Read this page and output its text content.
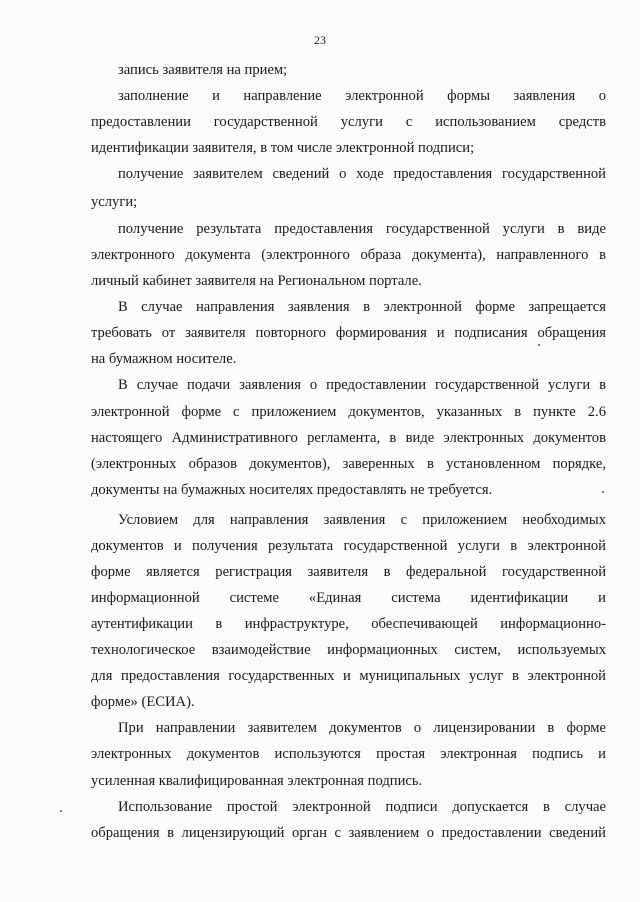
23
запись заявителя на прием;
заполнение и направление электронной формы заявления о
предоставлении государственной услуги с использованием средств
идентификации заявителя, в том числе электронной подписи;
получение заявителем сведений о ходе предоставления государственной
услуги;
получение результата предоставления государственной услуги в виде
электронного документа (электронного образа документа), направленного в
личный кабинет заявителя на Региональном портале.
В случае направления заявления в электронной форме запрещается
требовать от заявителя повторного формирования и подписания обращения
на бумажном носителе.
В случае подачи заявления о предоставлении государственной услуги в
электронной форме с приложением документов, указанных в пункте 2.6
настоящего Административного регламента, в виде электронных документов
(электронных образов документов), заверенных в установленном порядке,
документы на бумажных носителях предоставлять не требуется.
Условием для направления заявления с приложением необходимых
документов и получения результата государственной услуги в электронной
форме является регистрация заявителя в федеральной государственной
информационной системе «Единая система идентификации и
аутентификации в инфраструктуре, обеспечивающей информационно-
технологическое взаимодействие информационных систем, используемых
для предоставления государственных и муниципальных услуг в электронной
форме» (ЕСИА).
При направлении заявителем документов о лицензировании в форме
электронных документов используются простая электронная подпись и
усиленная квалифицированная электронная подпись.
Использование простой электронной подписи допускается в случае
обращения в лицензирующий орган с заявлением о предоставлении сведений
